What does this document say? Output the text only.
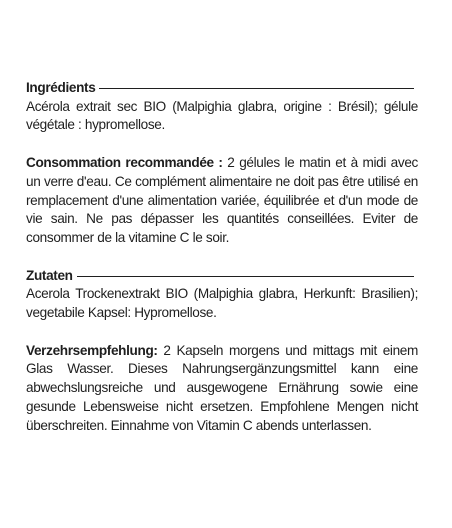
Ingrédients

Acérola extrait sec BIO (Malpighia glabra, origine : Brésil); gélule végétale : hypromellose.

Consommation recommandée : 2 gélules le matin et à midi avec un verre d'eau. Ce complément alimentaire ne doit pas être utilisé en remplacement d'une alimentation variée, équilibrée et d'un mode de vie sain. Ne pas dépasser les quantités conseillées. Eviter de consommer de la vitamine C le soir.

Zutaten

Acerola Trockenextrakt BIO (Malpighia glabra, Herkunft: Brasilien); vegetabile Kapsel: Hypromellose.

Verzehrsempfehlung: 2 Kapseln morgens und mittags mit einem Glas Wasser. Dieses Nahrungsergänzungsmittel kann eine abwechslungsreiche und ausgewogene Ernährung sowie eine gesunde Lebensweise nicht ersetzen. Empfohlene Mengen nicht überschreiten. Einnahme von Vitamin C abends unterlassen.
